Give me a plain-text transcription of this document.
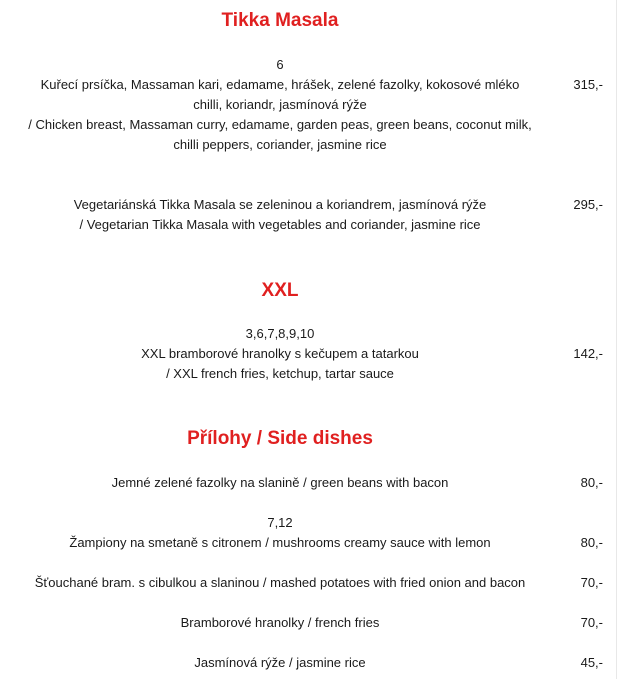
Tikka Masala
6
Kuřecí prsíčka, Massaman kari, edamame, hrášek, zelené fazolky, kokosové mléko	315,-
chilli, koriandr, jasmínová rýže
/ Chicken breast, Massaman curry, edamame, garden peas, green beans, coconut milk,
chilli peppers, coriander, jasmine rice
Vegetariánská Tikka Masala se zeleninou a koriandrem, jasmínová rýže	295,-
/ Vegetarian Tikka Masala with vegetables and coriander, jasmine rice
XXL
3,6,7,8,9,10
XXL bramborové hranolky s kečupem a tatarkou	142,-
/ XXL french fries, ketchup, tartar sauce
Přílohy / Side dishes
Jemné zelené fazolky na slanině / green beans with bacon	80,-
7,12
Žampiony na smetaně s citronem / mushrooms creamy sauce with lemon	80,-
Šťouchané bram. s cibulkou a slaninou / mashed potatoes with fried onion and bacon	70,-
Bramborové hranolky / french fries	70,-
Jasmínová rýže / jasmine rice	45,-
